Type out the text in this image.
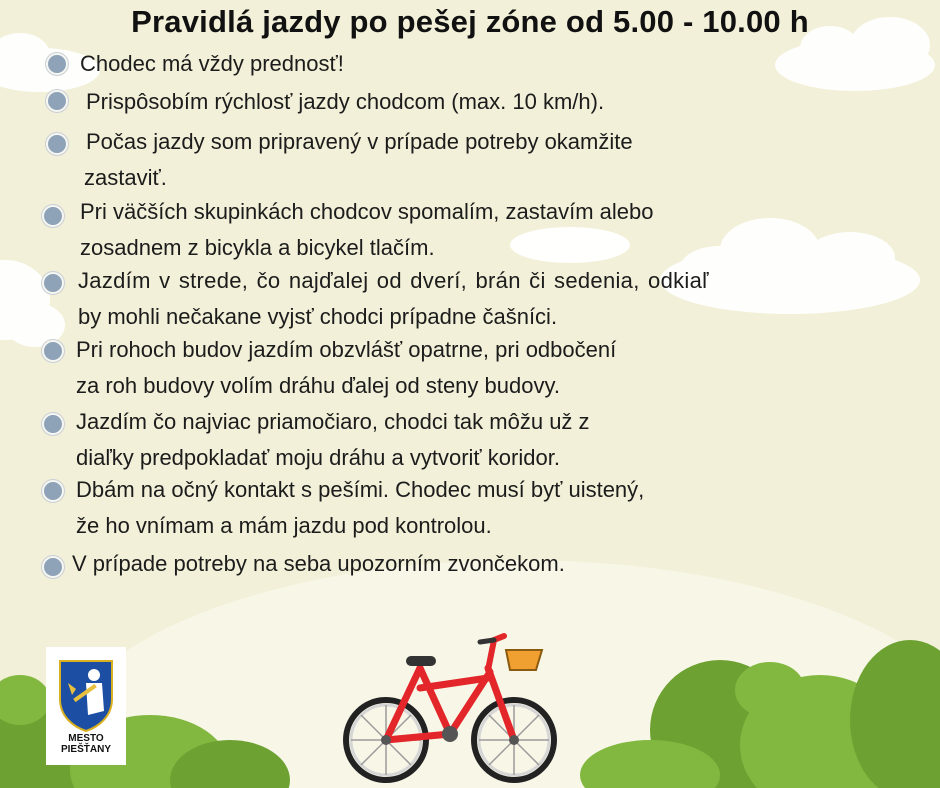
Pravidlá jazdy po pešej zóne od 5.00 - 10.00 h
Chodec má vždy prednosť!
Prispôsobím rýchlosť jazdy chodcom (max. 10 km/h).
Počas jazdy som pripravený v prípade potreby okamžite
zastaviť.
Pri väčších skupinkách chodcov spomalím, zastavím alebo
zosadnem z bicykla a bicykel tlačím.
Jazdím v strede, čo najďalej od dverí, brán či sedenia, odkiaľ
by mohli nečakane vyjsť chodci prípadne čašníci.
Pri rohoch budov jazdím obzvlášť opatrne, pri odbočení
za roh budovy volím dráhu ďalej od steny budovy.
Jazdím čo najviac priamočiaro, chodci tak môžu už z
diaľky predpokladať moju dráhu a vytvoriť koridor.
Dbám na očný kontakt s pešími. Chodec musí byť uistený,
že ho vnímam a mám jazdu pod kontrolou.
V prípade potreby na seba upozorním zvončekom.
MESTO
PIEŠŤANY
